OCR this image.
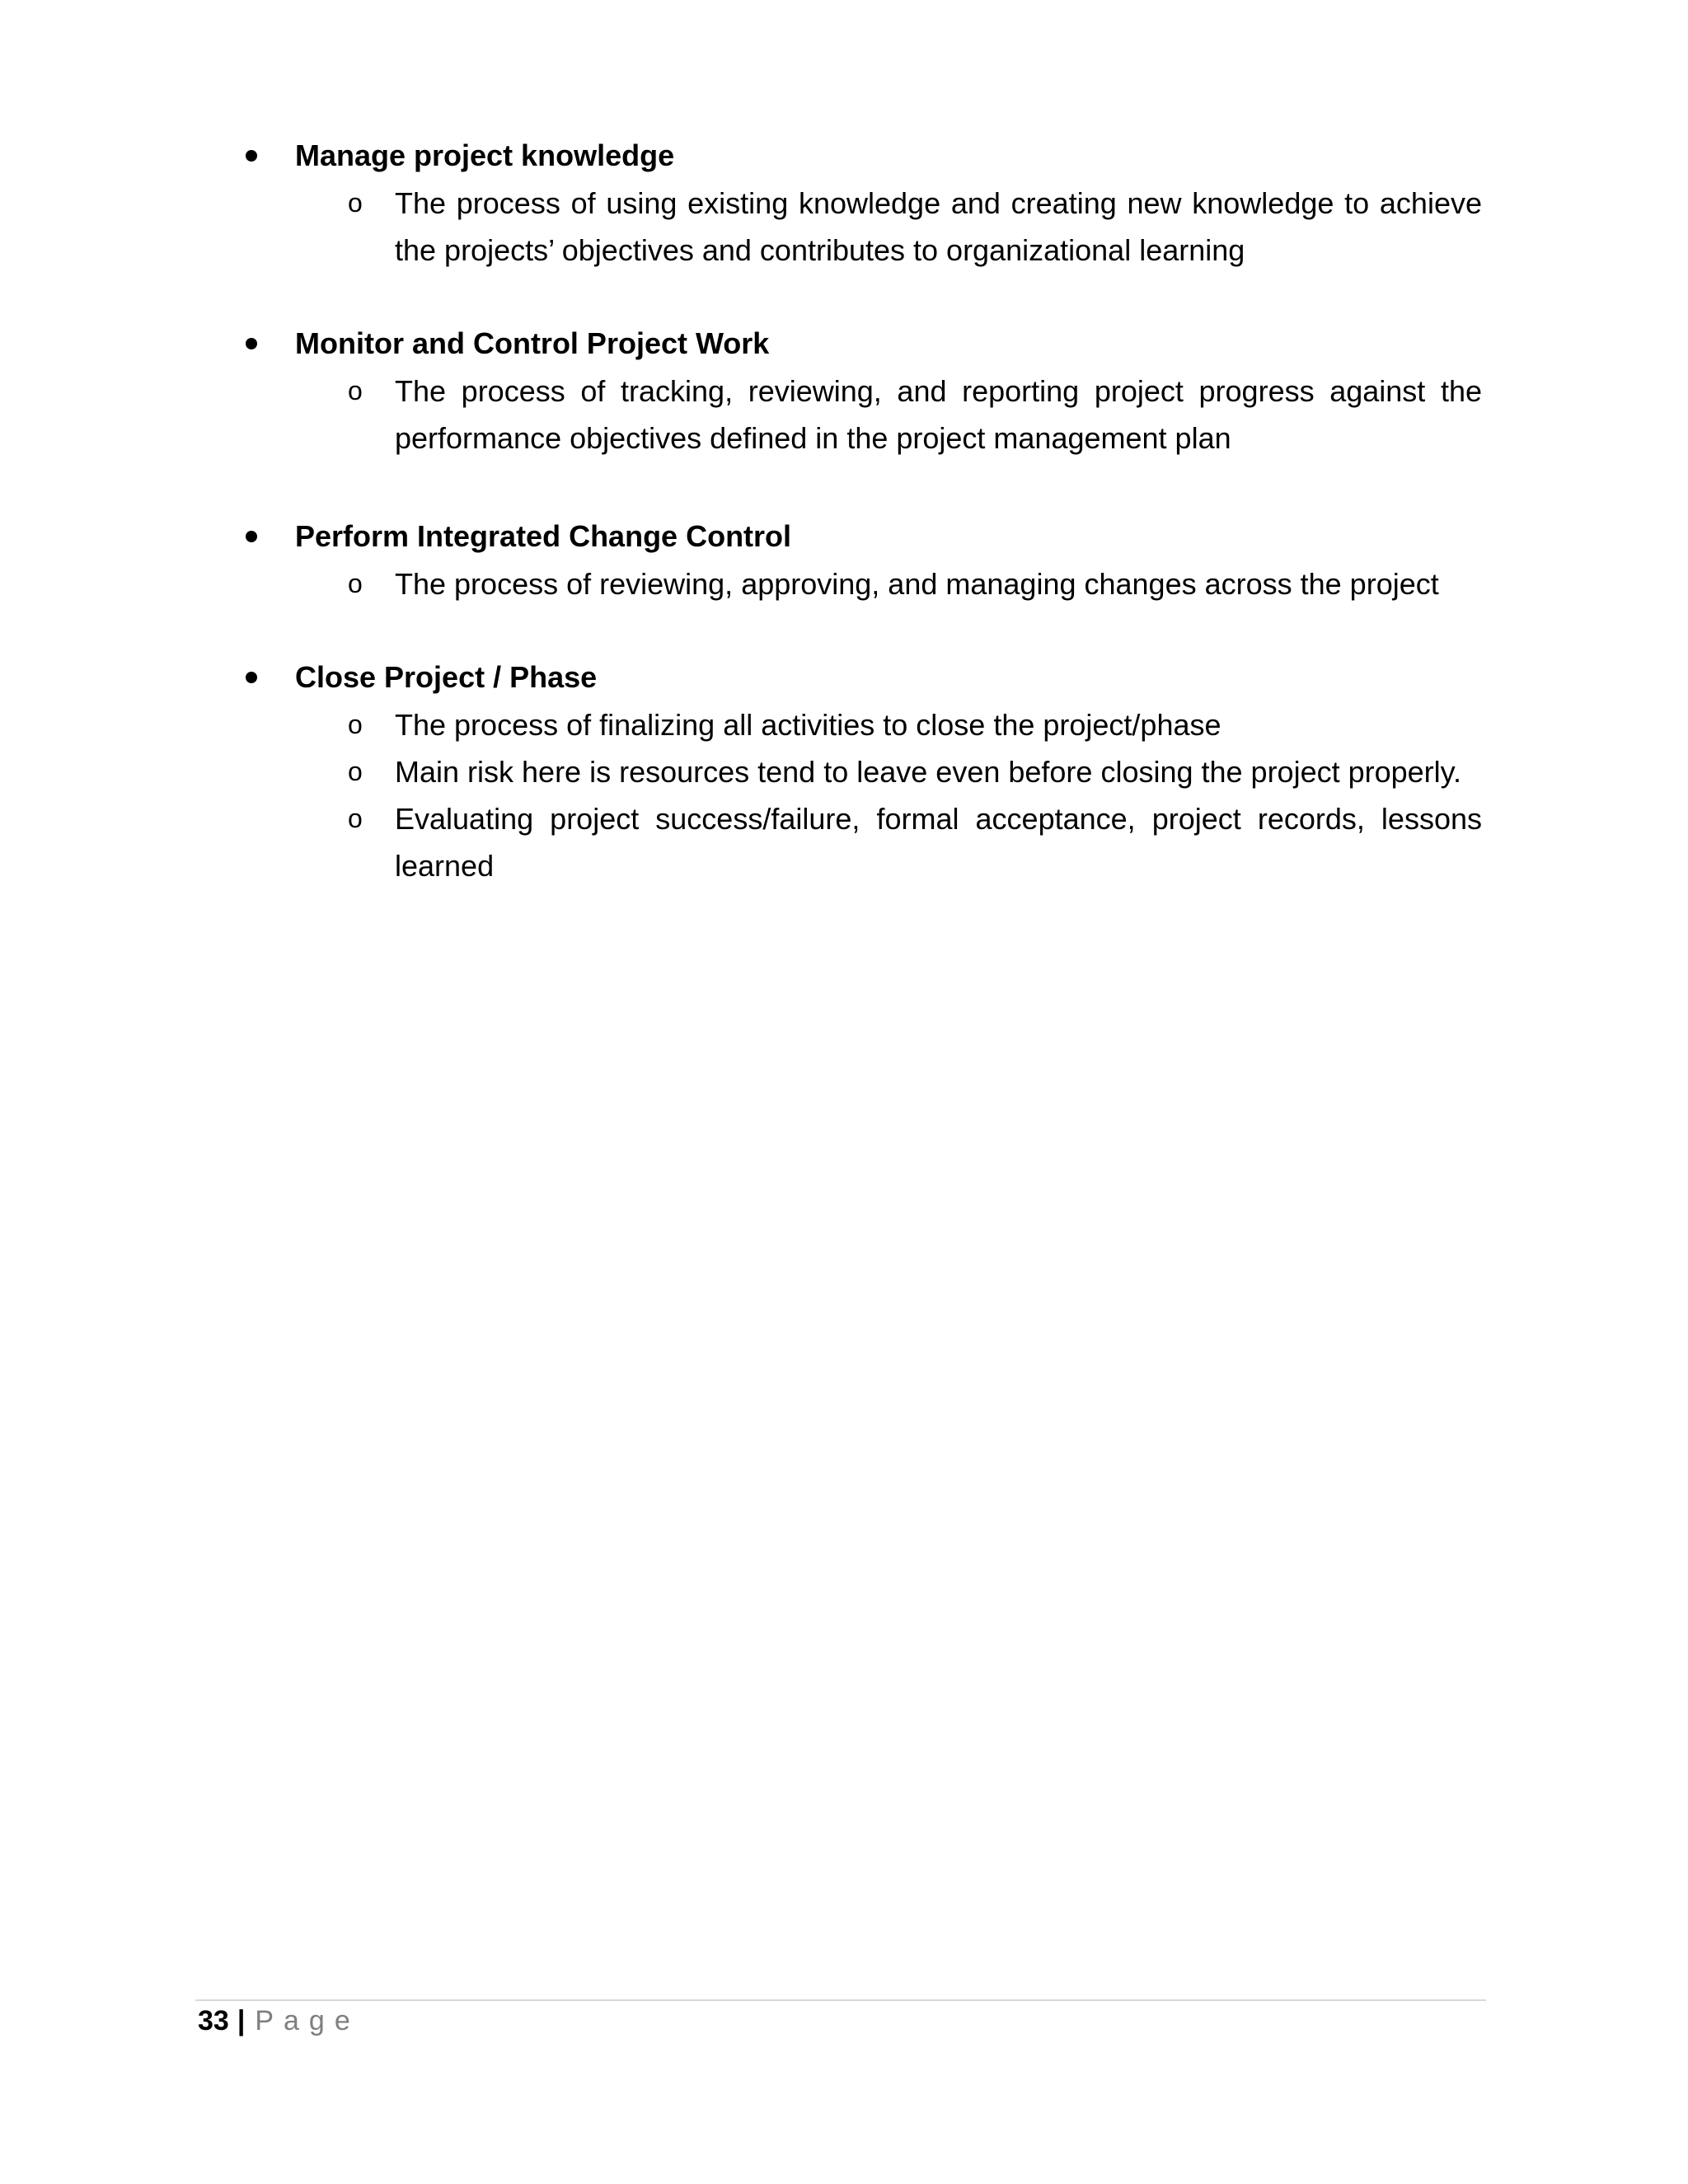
Manage project knowledge
o The process of using existing knowledge and creating new knowledge to achieve
the projects’ objectives and contributes to organizational learning
Monitor and Control Project Work
o The process of tracking, reviewing, and reporting project progress against the
performance objectives defined in the project management plan
Perform Integrated Change Control
o The process of reviewing, approving, and managing changes across the project
Close Project / Phase
o The process of finalizing all activities to close the project/phase
o Main risk here is resources tend to leave even before closing the project properly.
o Evaluating project success/failure, formal acceptance, project records, lessons
learned
33 | Page
